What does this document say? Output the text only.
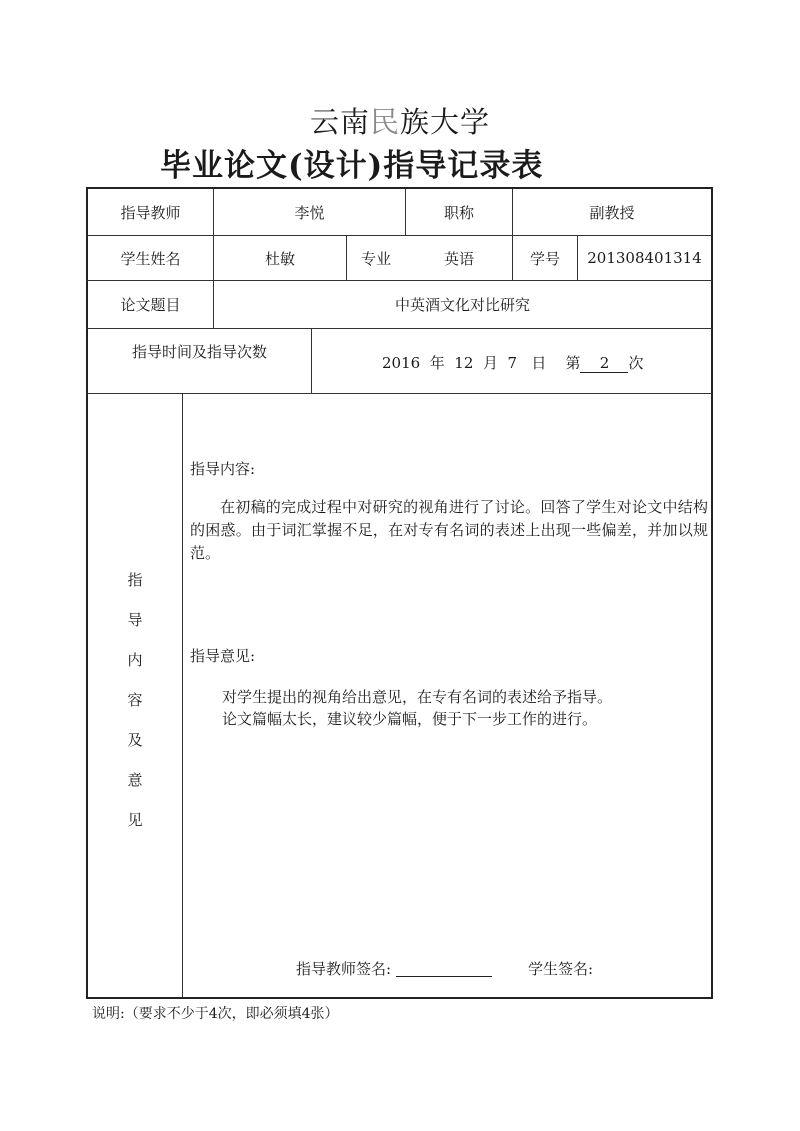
云南民族大学
毕业论文(设计)指导记录表
指导教师	李悦	职称	副教授
学生姓名	杜敏	专业	英语	学号	201308401314
论文题目	中英酒文化对比研究
指导时间及指导次数
2016 年 12 月 7 日 第 2 次
指
导
内
容
及
意
见
指导内容:
在初稿的完成过程中对研究的视角进行了讨论。回答了学生对论文中结构的困惑。由于词汇掌握不足，在对专有名词的表述上出现一些偏差，并加以规范。
指导意见:
对学生提出的视角给出意见，在专有名词的表述给予指导。
论文篇幅太长，建议较少篇幅，便于下一步工作的进行。
指导教师签名:	学生签名:
说明:（要求不少于4次，即必须填4张）
